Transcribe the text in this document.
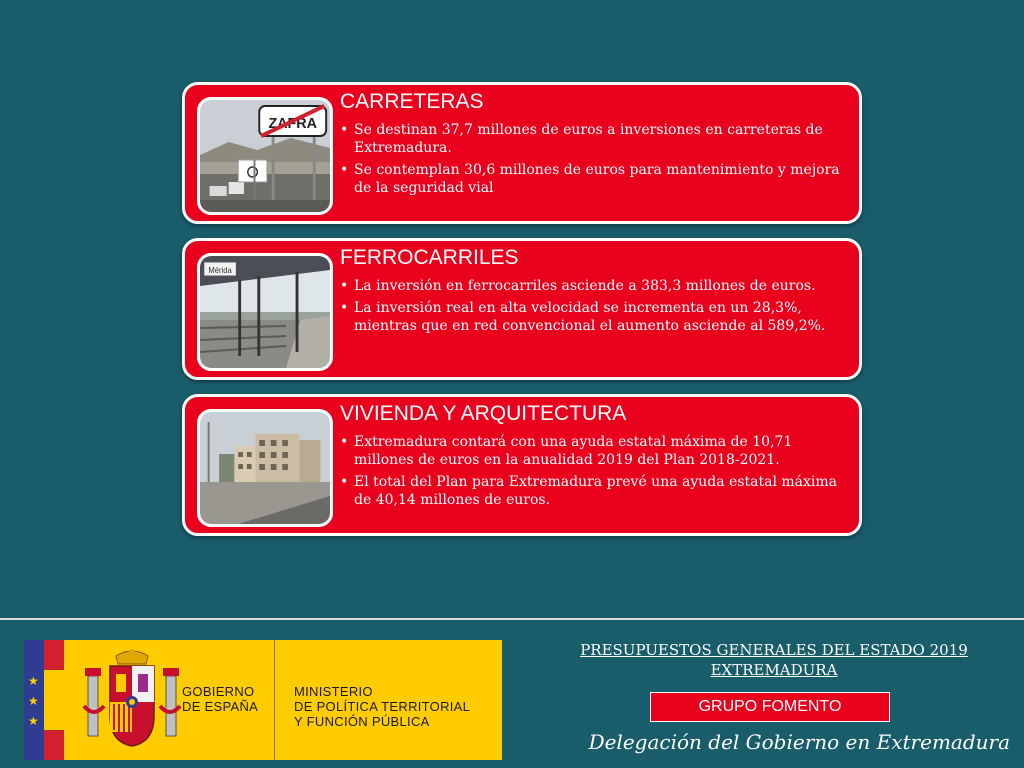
ZAFRA
CARRETERAS
• Se destinan 37,7 millones de euros a inversiones en carreteras de Extremadura.
• Se contemplan 30,6 millones de euros para mantenimiento y mejora de la seguridad vial
Mérida
FERROCARRILES
• La inversión en ferrocarriles asciende a 383,3 millones de euros.
• La inversión real en alta velocidad se incrementa en un 28,3%, mientras que en red convencional el aumento asciende al 589,2%.
VIVIENDA Y ARQUITECTURA
• Extremadura contará con una ayuda estatal máxima de 10,71 millones de euros en la anualidad 2019 del Plan 2018-2021.
• El total del Plan para Extremadura prevé una ayuda estatal máxima de 40,14 millones de euros.
★
★
★
GOBIERNO
DE ESPAÑA
MINISTERIO
DE POLÍTICA TERRITORIAL
Y FUNCIÓN PÚBLICA
PRESUPUESTOS GENERALES DEL ESTADO 2019
EXTREMADURA
GRUPO FOMENTO
Delegación del Gobierno en Extremadura
